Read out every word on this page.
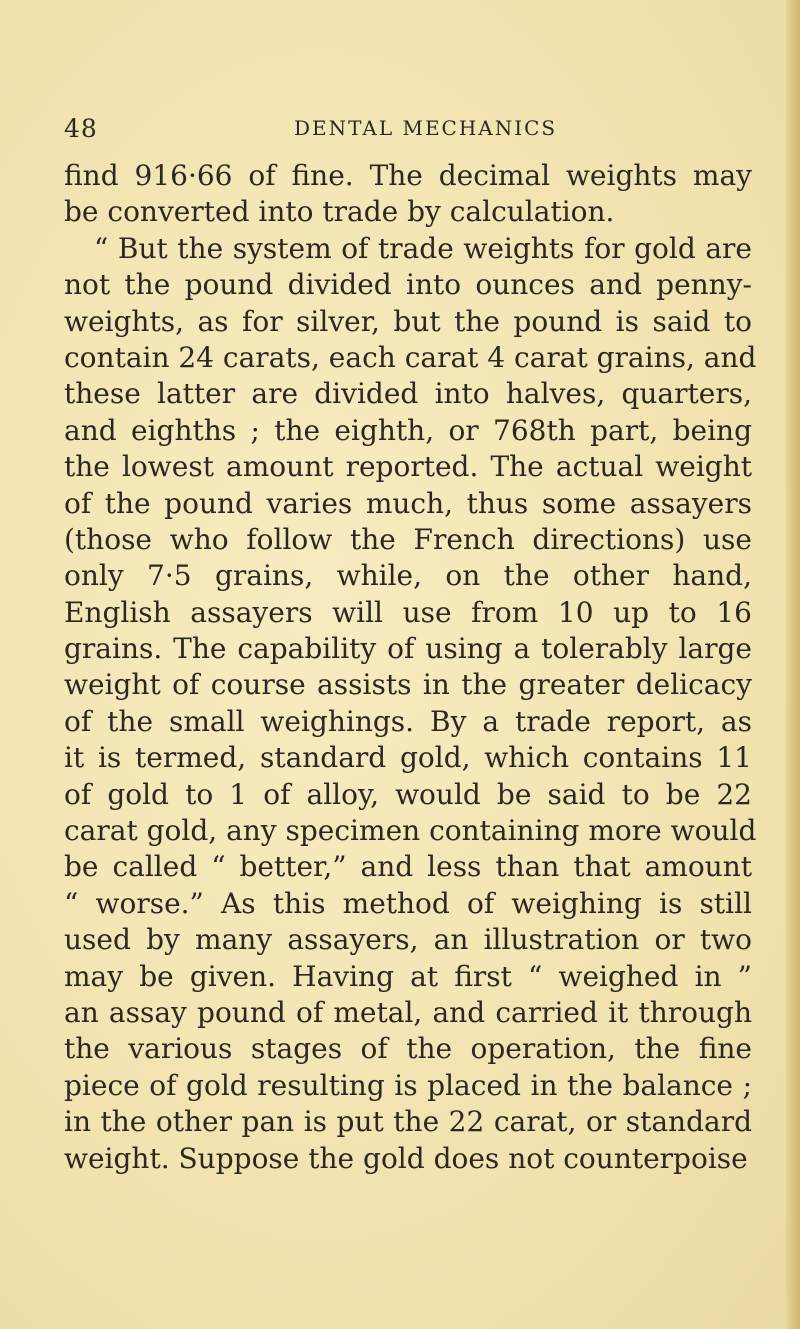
48	DENTAL MECHANICS
find 916·66 of fine. The decimal weights may
be converted into trade by calculation.
“ But the system of trade weights for gold are
not the pound divided into ounces and penny-
weights, as for silver, but the pound is said to
contain 24 carats, each carat 4 carat grains, and
these latter are divided into halves, quarters,
and eighths ; the eighth, or 768th part, being
the lowest amount reported. The actual weight
of the pound varies much, thus some assayers
(those who follow the French directions) use
only 7·5 grains, while, on the other hand,
English assayers will use from 10 up to 16
grains. The capability of using a tolerably large
weight of course assists in the greater delicacy
of the small weighings. By a trade report, as
it is termed, standard gold, which contains 11
of gold to 1 of alloy, would be said to be 22
carat gold, any specimen containing more would
be called “ better,” and less than that amount
“ worse.” As this method of weighing is still
used by many assayers, an illustration or two
may be given. Having at first “ weighed in ”
an assay pound of metal, and carried it through
the various stages of the operation, the fine
piece of gold resulting is placed in the balance ;
in the other pan is put the 22 carat, or standard
weight. Suppose the gold does not counterpoise
